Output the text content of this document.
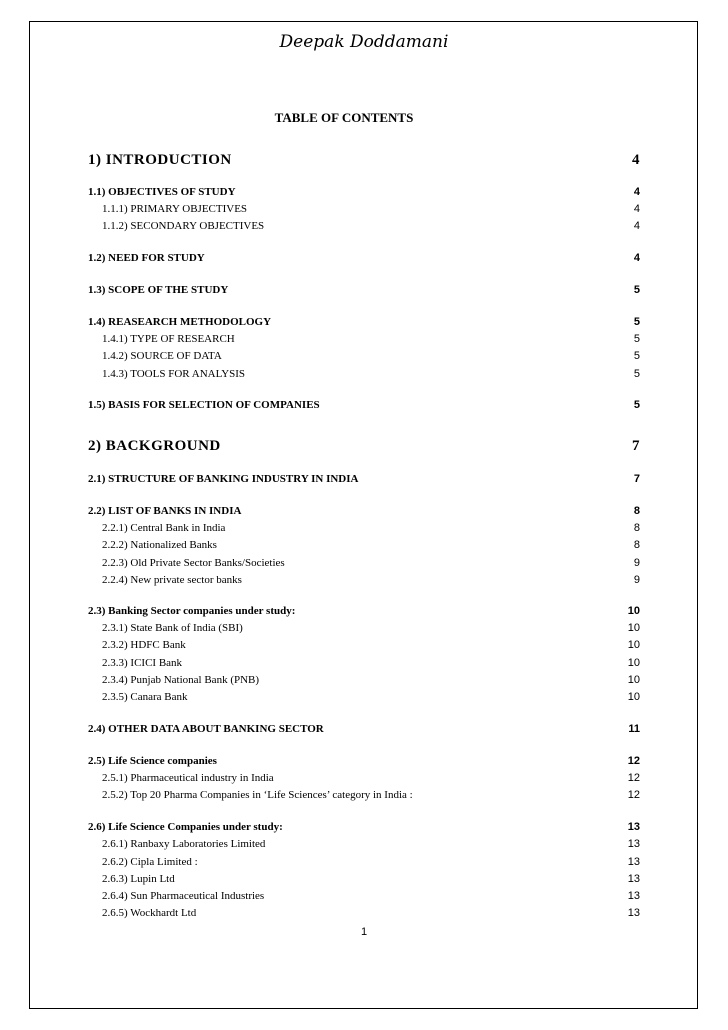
Deepak Doddamani
TABLE OF CONTENTS
1) INTRODUCTION	4
1.1) OBJECTIVES OF STUDY	4
1.1.1) PRIMARY OBJECTIVES	4
1.1.2) SECONDARY OBJECTIVES	4
1.2) NEED FOR STUDY	4
1.3) SCOPE OF THE STUDY	5
1.4) REASEARCH METHODOLOGY	5
1.4.1) TYPE OF RESEARCH	5
1.4.2) SOURCE OF DATA	5
1.4.3) TOOLS FOR ANALYSIS	5
1.5) BASIS FOR SELECTION OF COMPANIES	5
2) BACKGROUND	7
2.1) STRUCTURE OF BANKING INDUSTRY IN INDIA	7
2.2) LIST OF BANKS IN INDIA	8
2.2.1) Central Bank in India	8
2.2.2) Nationalized Banks	8
2.2.3) Old Private Sector Banks/Societies	9
2.2.4) New private sector banks	9
2.3) Banking Sector companies under study:	10
2.3.1) State Bank of India (SBI)	10
2.3.2) HDFC Bank	10
2.3.3) ICICI Bank	10
2.3.4) Punjab National Bank (PNB)	10
2.3.5) Canara Bank	10
2.4) OTHER DATA ABOUT BANKING SECTOR	11
2.5) Life Science companies	12
2.5.1) Pharmaceutical industry in India	12
2.5.2) Top 20 Pharma Companies in ‘Life Sciences’ category in India :	12
2.6) Life Science Companies under study:	13
2.6.1) Ranbaxy Laboratories Limited	13
2.6.2) Cipla Limited :	13
2.6.3) Lupin Ltd	13
2.6.4) Sun Pharmaceutical Industries	13
2.6.5) Wockhardt Ltd	13
1
